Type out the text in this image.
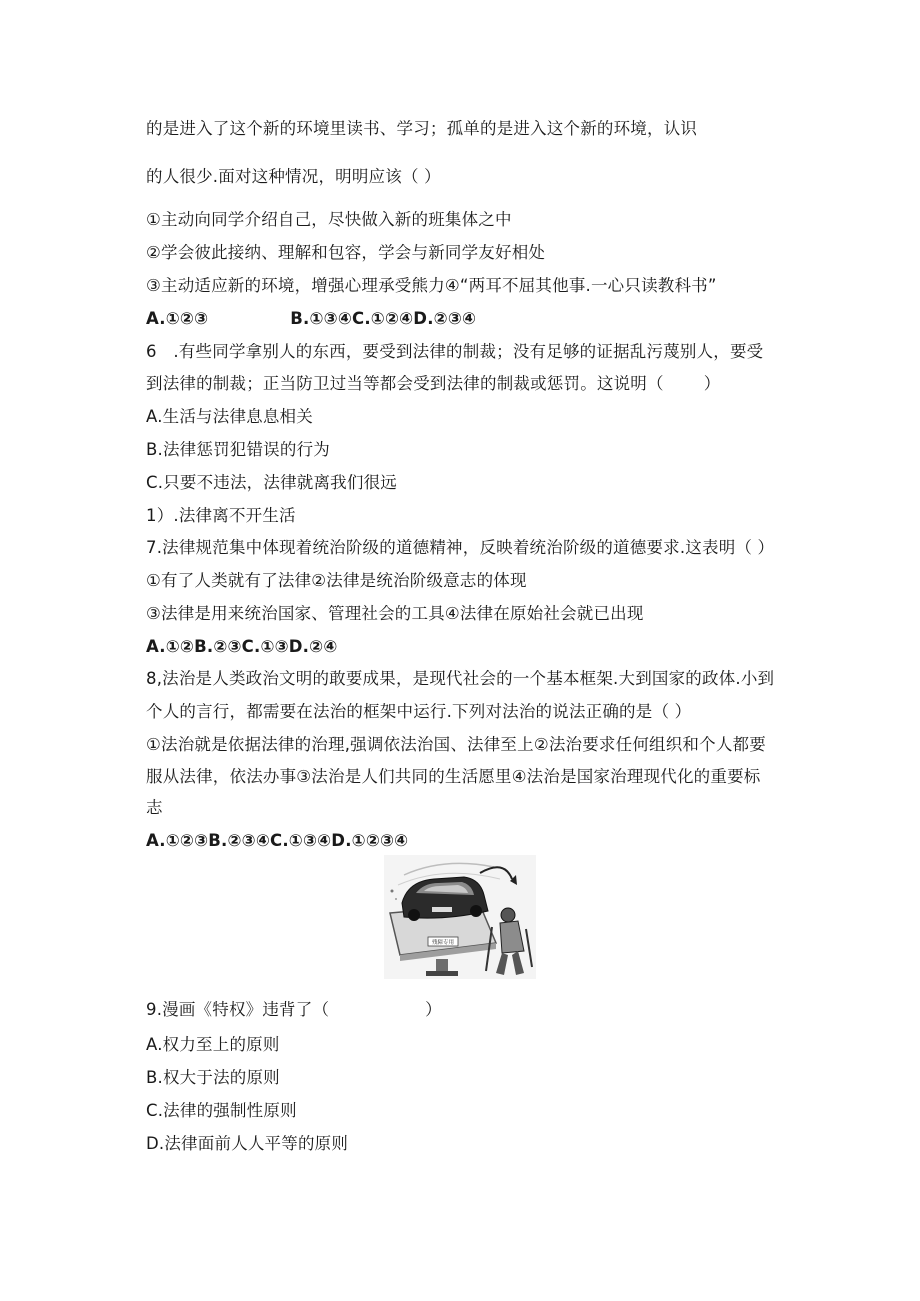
的是进入了这个新的环境里读书、学习；孤单的是进入这个新的环境，认识
的人很少.面对这种情况，明明应该（ ）
①主动向同学介绍自己，尽快做入新的班集体之中
②学会彼此接纳、理解和包容，学会与新同学友好相处
③主动适应新的环境，增强心理承受熊力④“两耳不屈其他事.一心只读教科书”
A.①②③	B.①③④C.①②④D.②③④
6　.有些同学拿别人的东西，要受到法律的制裁；没有足够的证据乱污蔑别人，要受
到法律的制裁；正当防卫过当等都会受到法律的制裁或惩罚。这说明（ ）
A.生活与法律息息相关
B.法律惩罚犯错误的行为
C.只要不违法，法律就离我们很远
1）.法律离不开生活
7.法律规范集中体现着统治阶级的道德精神，反映着统治阶级的道德要求.这表明（ ）
①有了人类就有了法律②法律是统治阶级意志的体现
③法律是用来统治国家、管理社会的工具④法律在原始社会就已出现
A.①②B.②③C.①③D.②④
8,法治是人类政治文明的敢要成果，是现代社会的一个基本框架.大到国家的政体.小到
个人的言行，都需要在法治的框架中运行.下列对法治的说法正确的是（ ）
①法治就是依据法律的治理,强调依法治国、法律至上②法治要求任何组织和个人都要
服从法律，依法办事③法治是人们共同的生活愿里④法治是国家治理现代化的重要标
志
A.①②③B.②③④C.①③④D.①②③④
残障专用
9.漫画《特权》违背了（	）
A.权力至上的原则
B.权大于法的原则
C.法律的强制性原则
D.法律面前人人平等的原则
